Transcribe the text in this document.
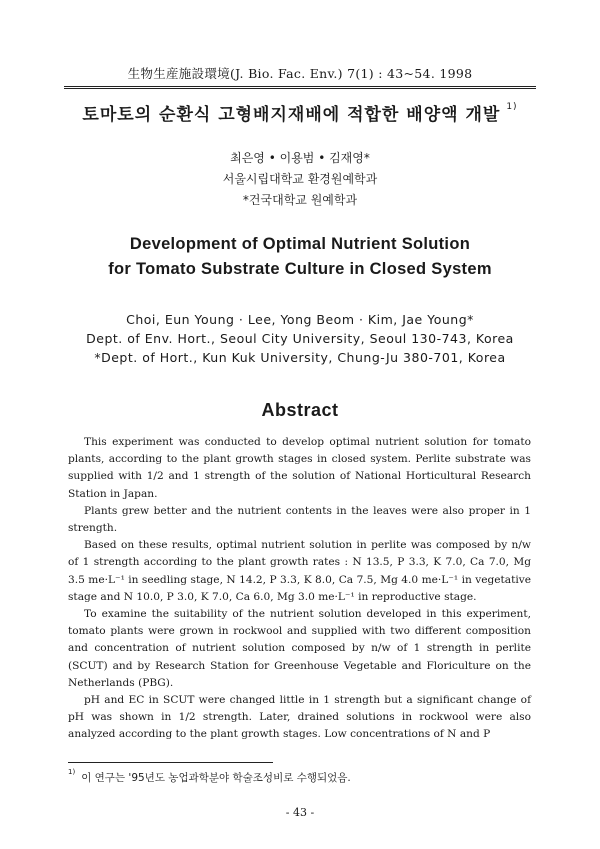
生物生産施設環境(J. Bio. Fac. Env.) 7(1) : 43~54. 1998
토마토의 순환식 고형배지재배에 적합한 배양액 개발 $^{1)}$
최은영 • 이용범 • 김재영*
서울시립대학교 환경원예학과
*건국대학교 원예학과
Development of Optimal Nutrient Solution
for Tomato Substrate Culture in Closed System
Choi, Eun Young · Lee, Yong Beom · Kim, Jae Young*
Dept. of Env. Hort., Seoul City University, Seoul 130-743, Korea
*Dept. of Hort., Kun Kuk University, Chung-Ju 380-701, Korea
Abstract

This experiment was conducted to develop optimal nutrient solution for tomato plants, according to the plant growth stages in closed system. Perlite substrate was supplied with 1/2 and 1 strength of the solution of National Horticultural Research Station in Japan.

Plants grew better and the nutrient contents in the leaves were also proper in 1 strength.

Based on these results, optimal nutrient solution in perlite was composed by n/w of 1 strength according to the plant growth rates : N 13.5, P 3.3, K 7.0, Ca 7.0, Mg 3.5 me·L⁻¹ in seedling stage, N 14.2, P 3.3, K 8.0, Ca 7.5, Mg 4.0 me·L⁻¹ in vegetative stage and N 10.0, P 3.0, K 7.0, Ca 6.0, Mg 3.0 me·L⁻¹ in reproductive stage.

To examine the suitability of the nutrient solution developed in this experiment, tomato plants were grown in rockwool and supplied with two different composition and concentration of nutrient solution composed by n/w of 1 strength in perlite (SCUT) and by Research Station for Greenhouse Vegetable and Floriculture on the Netherlands (PBG).

pH and EC in SCUT were changed little in 1 strength but a significant change of pH was shown in 1/2 strength. Later, drained solutions in rockwool were also analyzed according to the plant growth stages. Low concentrations of N and P

$^{1)}$이 연구는 '95년도 농업과학분야 학술조성비로 수행되었음.
- 43 -
